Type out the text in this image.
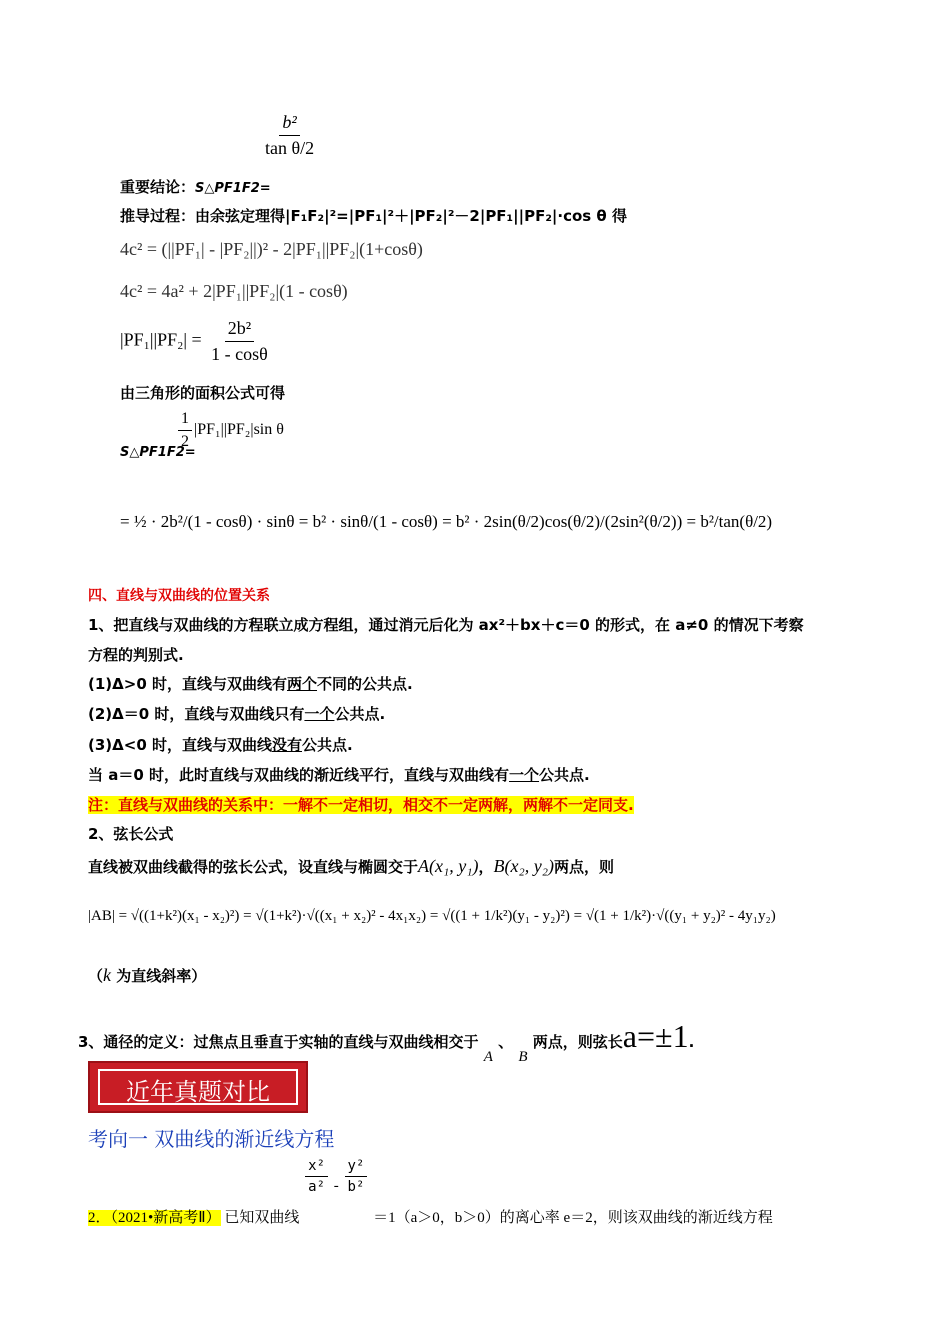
$\frac{\text{b²}}{\text{tan θ/2}}$
重要结论：S△PF1F2=
推导过程：由余弦定理得|F₁F₂|²=|PF₁|²＋|PF₂|²－2|PF₁||PF₂|·cos θ 得
4c² = (||PF₁| - |PF₂||)² - 2|PF₁||PF₂|(1+cosθ)
4c² = 4a² + 2|PF₁||PF₂|(1 - cosθ)
$|PF_1||PF_2| = \frac{\text{2b²}}{1 - \cos\theta}$
由三角形的面积公式可得
$\frac{1}{2} |PF_1||PF_2|\sin$ θ
S△PF1F2=
= ½ · 2b²/(1 - cosθ) · sinθ = b² · sinθ/(1 - cosθ) = b² · 2sin(θ/2)cos(θ/2)/(2sin²(θ/2)) = b²/tan(θ/2)
四、直线与双曲线的位置关系
1、把直线与双曲线的方程联立成方程组，通过消元后化为 ax²＋bx＋c＝0 的形式，在 a≠0 的情况下考察
方程的判别式.
(1)Δ>0 时，直线与双曲线有两个不同的公共点.
(2)Δ＝0 时，直线与双曲线只有一个公共点.
(3)Δ<0 时，直线与双曲线没有公共点.
当 a＝0 时，此时直线与双曲线的渐近线平行，直线与双曲线有一个公共点.
注：直线与双曲线的关系中：一解不一定相切，相交不一定两解，两解不一定同支.
2、弦长公式
直线被双曲线截得的弦长公式，设直线与椭圆交于A(x₁, y₁)，B(x₂, y₂)两点，则
|AB| = √((1+k²)(x₁ - x₂)²) = √(1+k²)·√((x₁ + x₂)² - 4x₁x₂) = √((1 + 1/k²)(y₁ - y₂)²) = √(1 + 1/k²)·√((y₁ + y₂)² - 4y₁y₂)
（k 为直线斜率）
3、通径的定义：过焦点且垂直于实轴的直线与双曲线相交于 A 、 B 两点，则弦长a=±1.
近年真题对比
考向一 双曲线的渐近线方程
2．（2021•新高考Ⅱ） 已知双曲线
$\frac{\text{x²}}{\text{a²}} - \frac{\text{y²}}{\text{b²}}$
＝1（a＞0，b＞0）的离心率 e＝2，则该双曲线的渐近线方程
